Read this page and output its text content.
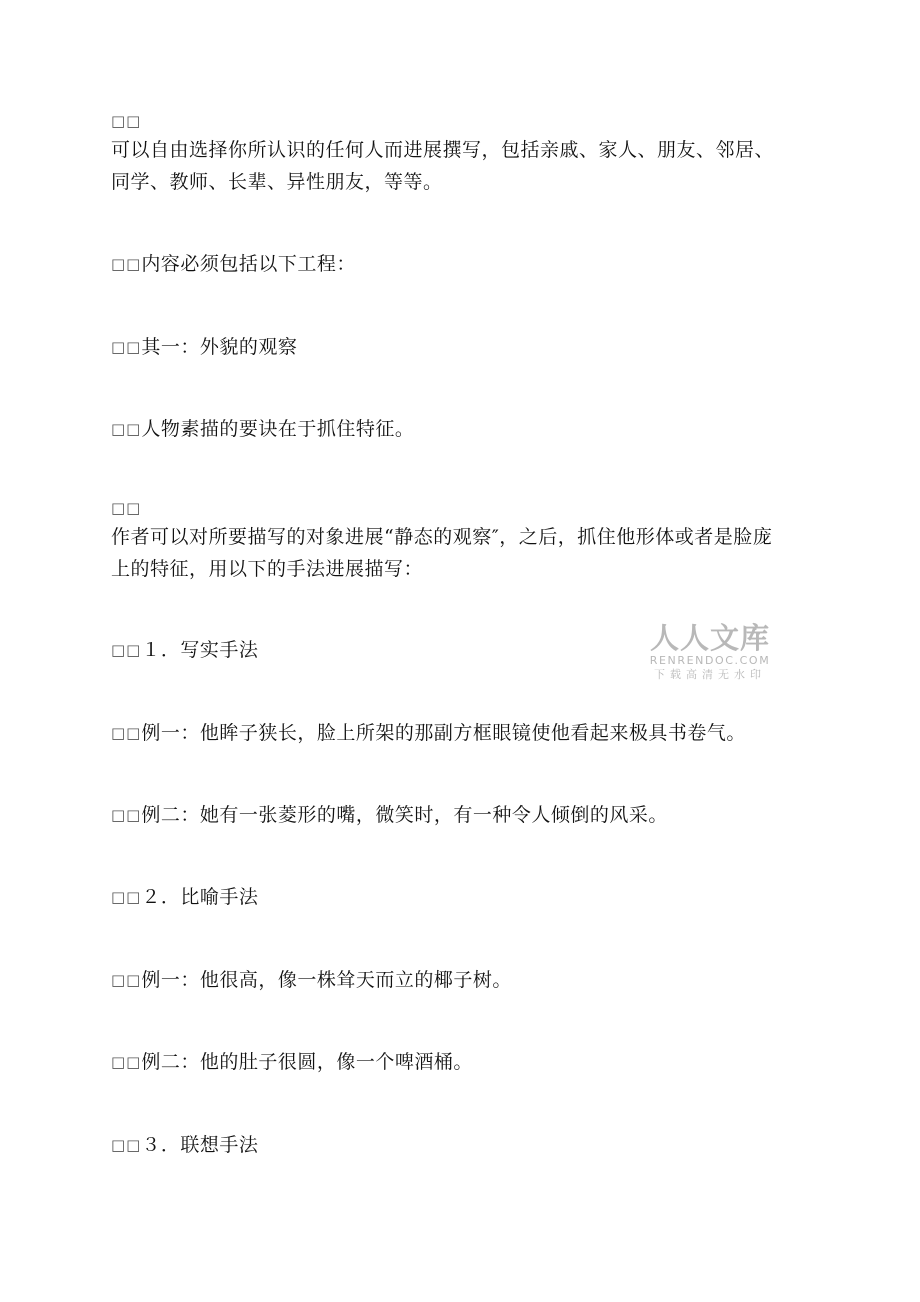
□□
可以自由选择你所认识的任何人而进展撰写，包括亲戚、家人、朋友、邻居、
同学、教师、长辈、异性朋友，等等。
□□内容必须包括以下工程：
□□其一：外貌的观察
□□人物素描的要诀在于抓住特征。
□□
作者可以对所要描写的对象进展“静态的观察″，之后，抓住他形体或者是脸庞
上的特征，用以下的手法进展描写：
□□１．写实手法
□□例一：他眸子狭长，脸上所架的那副方框眼镜使他看起来极具书卷气。
□□例二：她有一张菱形的嘴，微笑时，有一种令人倾倒的风采。
□□２．比喻手法
□□例一：他很高，像一株耸天而立的椰子树。
□□例二：他的肚子很圆，像一个啤酒桶。
□□３．联想手法
人人文库
RENRENDOC.COM
下载高清无水印
